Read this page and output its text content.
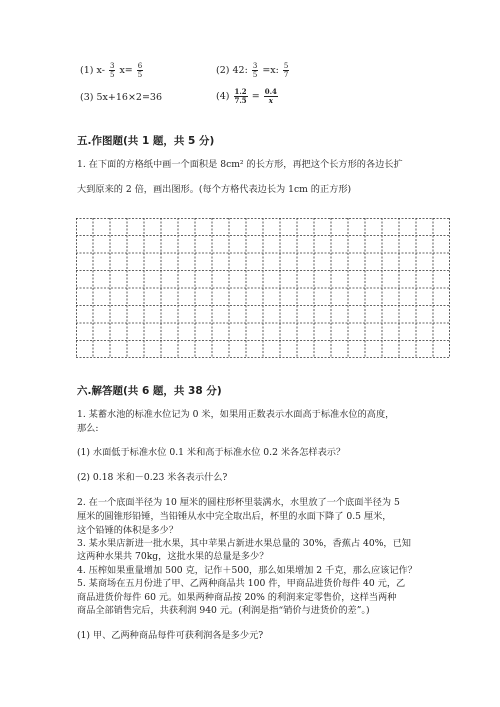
(1) $x- \frac{3}{5} x= \frac{6}{5}$	(2) 42: $\frac{3}{5} =x$: $\frac{5}{7}$
(3) 5x+16×2=36	$(4) \frac{1.2}{7.5} = \frac{0.4}{x}$
五.作图题(共 1 题，共 5 分)
1. 在下面的方格纸中画一个面积是 8cm² 的长方形，再把这个长方形的各边长扩
大到原来的 2 倍，画出图形。(每个方格代表边长为 1cm 的正方形)
六.解答题(共 6 题，共 38 分)
1. 某蓄水池的标准水位记为 0 米，如果用正数表示水面高于标准水位的高度，
那么:
(1) 水面低于标准水位 0.1 米和高于标准水位 0.2 米各怎样表示？
(2) 0.18 米和－0.23 米各表示什么?
2. 在一个底面半径为 10 厘米的圆柱形杯里装满水，水里放了一个底面半径为 5
厘米的圆锥形铅锤，当铅锤从水中完全取出后，杯里的水面下降了 0.5 厘米，
这个铅锤的体积是多少？
3. 某水果店新进一批水果，其中苹果占新进水果总量的 30%，香蕉占 40%，已知
这两种水果共 70kg，这批水果的总量是多少？
4. 压榨如果重量增加 500 克，记作＋500，那么如果增加 2 千克，那么应该记作？
5. 某商场在五月份进了甲、乙两种商品共 100 件，甲商品进货价每件 40 元，乙
商品进货价每件 60 元。如果两种商品按 20% 的利润来定零售价，这样当两种
商品全部销售完后，共获利润 940 元。(利润是指“销价与进货价的差”。)
(1) 甲、乙两种商品每件可获利润各是多少元?
